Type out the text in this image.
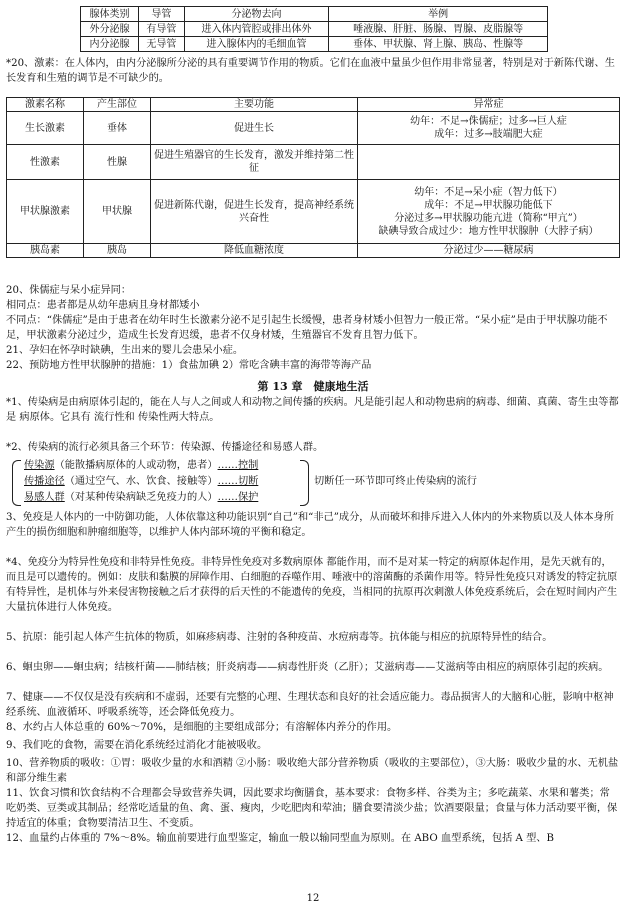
腺体类别	导管	分泌物去向	举例
外分泌腺	有导管	进入体内管腔或排出体外	唾液腺、肝脏、肠腺、胃腺、皮脂腺等
内分泌腺	无导管	进入腺体内的毛细血管	垂体、甲状腺、肾上腺、胰岛、性腺等

*20、激素：在人体内，由内分泌腺所分泌的具有重要调节作用的物质。它们在血液中量虽少但作用非常显著，特别是对于新陈代谢、生长发育和生殖的调节是不可缺少的。

激素名称	产生部位	主要功能	异常症
生长激素	垂体	促进生长	幼年：不足→侏儒症；过多→巨人症
成年：过多→肢端肥大症

性激素	性腺	促进生殖器官的生长发育，激发并维持第二性征	
甲状腺激素	甲状腺	促进新陈代谢，促进生长发育，提高神经系统兴奋性	幼年：不足→呆小症（智力低下）
成年：不足→甲状腺功能低下
分泌过多→甲状腺功能亢进（简称“甲亢”）
缺碘导致合成过少：地方性甲状腺肿（大脖子病）

胰岛素	胰岛	降低血糖浓度	分泌过少——糖尿病

20、侏儒症与呆小症异同：

相同点：患者都是从幼年患病且身材都矮小

不同点：“侏儒症”是由于患者在幼年时生长激素分泌不足引起生长缓慢，患者身材矮小但智力一般正常。“呆小症”是由于甲状腺功能不足，甲状激素分泌过少，造成生长发育迟缓，患者不仅身材矮，生殖器官不发育且智力低下。

21、孕妇在怀孕时缺碘，生出来的婴儿会患呆小症。

22、预防地方性甲状腺肿的措施：1）食盐加碘 2）常吃含碘丰富的海带等海产品

第 13 章　健康地生活

*1、传染病是由病原体引起的，能在人与人之间或人和动物之间传播的疾病。凡是能引起人和动物患病的病毒、细菌、真菌、寄生虫等都是 病原体。它具有 流行性和 传染性两大特点。

*2、传染病的流行必须具备三个环节：传染源、传播途径和易感人群。

传染源（能散播病原体的人或动物，患者）……控制
传播途径（通过空气、水、饮食、接触等）……切断
易感人群（对某种传染病缺乏免疫力的人）……保护
切断任一环节即可终止传染病的流行

3、免疫是人体内的一中防御功能，人体依靠这种功能识别“自己”和“非己”成分，从而破坏和排斥进入人体内的外来物质以及人体本身所产生的损伤细胞和肿瘤细胞等，以维护人体内部环境的平衡和稳定。

*4、免疫分为特异性免疫和非特异性免疫。非特异性免疫对多数病原体 都能作用，而不是对某一特定的病原体起作用，是先天就有的，而且是可以遗传的。例如：皮肤和黏膜的屏障作用、白细胞的吞噬作用、唾液中的溶菌酶的杀菌作用等。特异性免疫只对诱发的特定抗原有特异性，是机体与外来侵害物接触之后才获得的后天性的不能遗传的免疫，当相同的抗原再次刺激人体免疫系统后，会在短时间内产生大量抗体进行人体免疫。

5、抗原：能引起人体产生抗体的物质，如麻疹病毒、注射的各种疫苗、水痘病毒等。抗体能与相应的抗原特异性的结合。

6、蛔虫卵——蛔虫病；结核杆菌——肺结核；肝炎病毒——病毒性肝炎（乙肝）；艾滋病毒——艾滋病等由相应的病原体引起的疾病。

7、健康——不仅仅是没有疾病和不虚弱，还要有完整的心理、生理状态和良好的社会适应能力。毒品损害人的大脑和心脏，影响中枢神经系统、血液循环、呼吸系统等，还会降低免疫力。

8、水约占人体总重的 60%～70%，是细胞的主要组成部分；有溶解体内养分的作用。

9、我们吃的食物，需要在消化系统经过消化才能被吸收。

10、营养物质的吸收：①胃：吸收少量的水和酒精 ②小肠：吸收绝大部分营养物质（吸收的主要部位），③大肠：吸收少量的水、无机盐和部分维生素

11、饮食习惯和饮食结构不合理都会导致营养失调，因此要求均衡膳食，基本要求：食物多样、谷类为主；多吃蔬菜、水果和薯类；常吃奶类、豆类或其制品；经常吃适量的鱼、禽、蛋、瘦肉，少吃肥肉和荤油；膳食要清淡少盐；饮酒要限量；食量与体力活动要平衡，保持适宜的体重；食物要清洁卫生、不变质。

12、血量约占体重的 7%～8%。输血前要进行血型鉴定，输血一般以输同型血为原则。在 ABO 血型系统，包括 A 型、B

12
